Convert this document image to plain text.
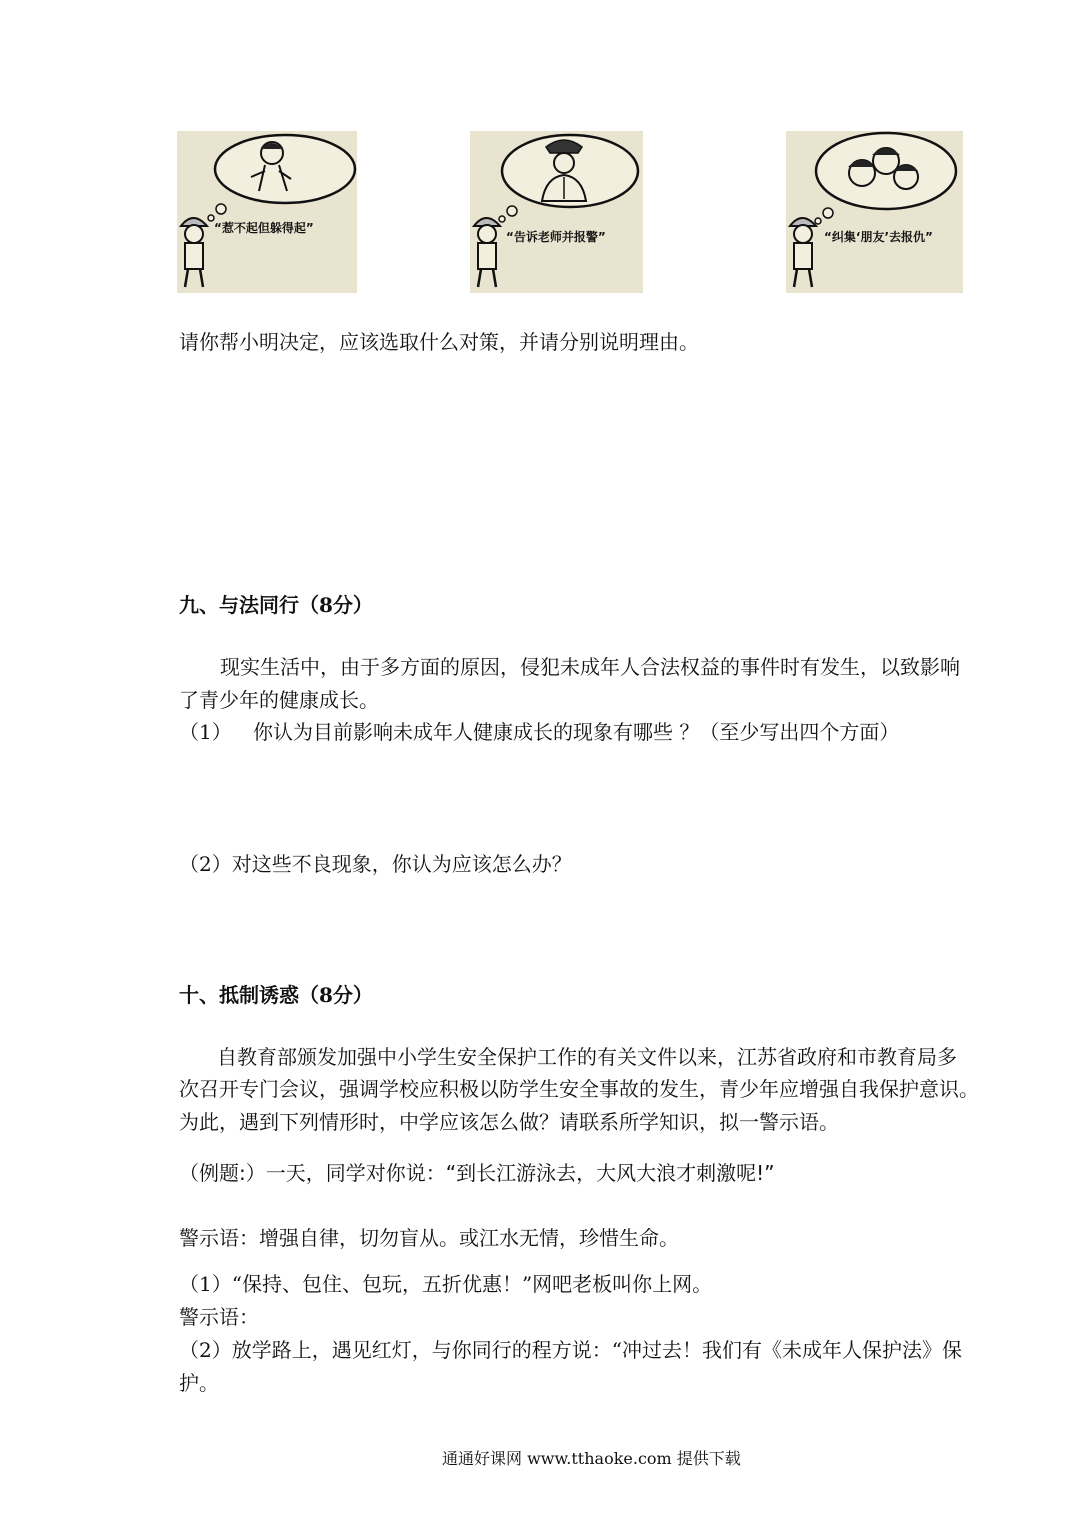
“惹不起但躲得起”
“告诉老师并报警”	“纠集‘朋友’去报仇”
请你帮小明决定，应该选取什么对策，并请分别说明理由。
九、与法同行（8分）
现实生活中，由于多方面的原因，侵犯未成年人合法权益的事件时有发生，以致影响
了青少年的健康成长。
（1） 你认为目前影响未成年人健康成长的现象有哪些 ？（至少写出四个方面）
（2）对这些不良现象，你认为应该怎么办？
十、抵制诱惑（8分）
自教育部颁发加强中小学生安全保护工作的有关文件以来，江苏省政府和市教育局多
次召开专门会议，强调学校应积极以防学生安全事故的发生，青少年应增强自我保护意识。
为此，遇到下列情形时，中学应该怎么做？请联系所学知识，拟一警示语。
（例题:）一天，同学对你说：“到长江游泳去，大风大浪才刺激呢!”
警示语：增强自律，切勿盲从。或江水无情，珍惜生命。
（1）“保持、包住、包玩，五折优惠！”网吧老板叫你上网。
警示语：
（2）放学路上，遇见红灯，与你同行的程方说：“冲过去！我们有《未成年人保护法》保
护。
通通好课网 www.tthaoke.com 提供下载
